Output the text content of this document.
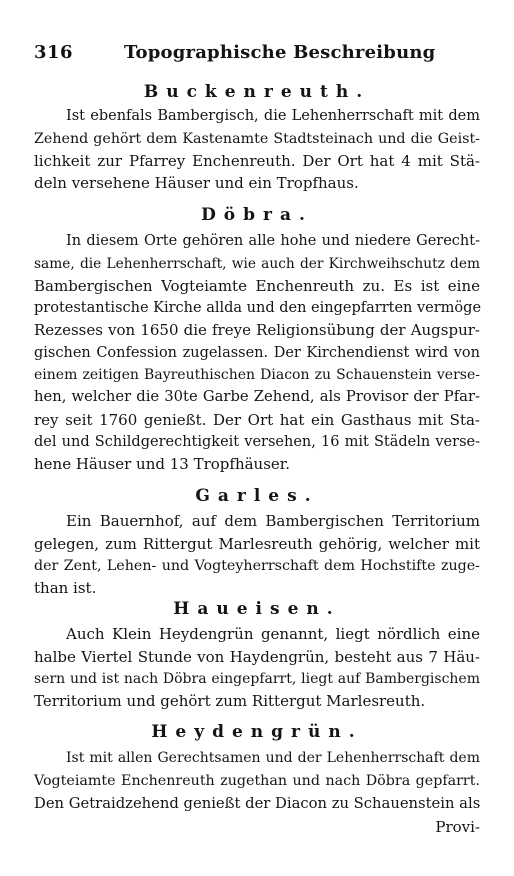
316	Topographische Beschreibung
Buckenreuth.
Ist ebenfals Bambergisch, die Lehenherrschaft mit dem
Zehend gehört dem Kastenamte Stadtsteinach und die Geist-
lichkeit zur Pfarrey Enchenreuth. Der Ort hat 4 mit Stä-
deln versehene Häuser und ein Tropfhaus.
Döbra.
In diesem Orte gehören alle hohe und niedere Gerecht-
same, die Lehenherrschaft, wie auch der Kirchweihschutz dem
Bambergischen Vogteiamte Enchenreuth zu. Es ist eine
protestantische Kirche allda und den eingepfarrten vermöge
Rezesses von 1650 die freye Religionsübung der Augspur-
gischen Confession zugelassen. Der Kirchendienst wird von
einem zeitigen Bayreuthischen Diacon zu Schauenstein verse-
hen, welcher die 30te Garbe Zehend, als Provisor der Pfar-
rey seit 1760 genießt. Der Ort hat ein Gasthaus mit Sta-
del und Schildgerechtigkeit versehen, 16 mit Städeln verse-
hene Häuser und 13 Tropfhäuser.
Garles.
Ein Bauernhof, auf dem Bambergischen Territorium
gelegen, zum Rittergut Marlesreuth gehörig, welcher mit
der Zent, Lehen- und Vogteyherrschaft dem Hochstifte zuge-
than ist.
Haueisen.
Auch Klein Heydengrün genannt, liegt nördlich eine
halbe Viertel Stunde von Haydengrün, besteht aus 7 Häu-
sern und ist nach Döbra eingepfarrt, liegt auf Bambergischem
Territorium und gehört zum Rittergut Marlesreuth.
Heydengrün.
Ist mit allen Gerechtsamen und der Lehenherrschaft dem
Vogteiamte Enchenreuth zugethan und nach Döbra gepfarrt.
Den Getraidzehend genießt der Diacon zu Schauenstein als
Provi-
